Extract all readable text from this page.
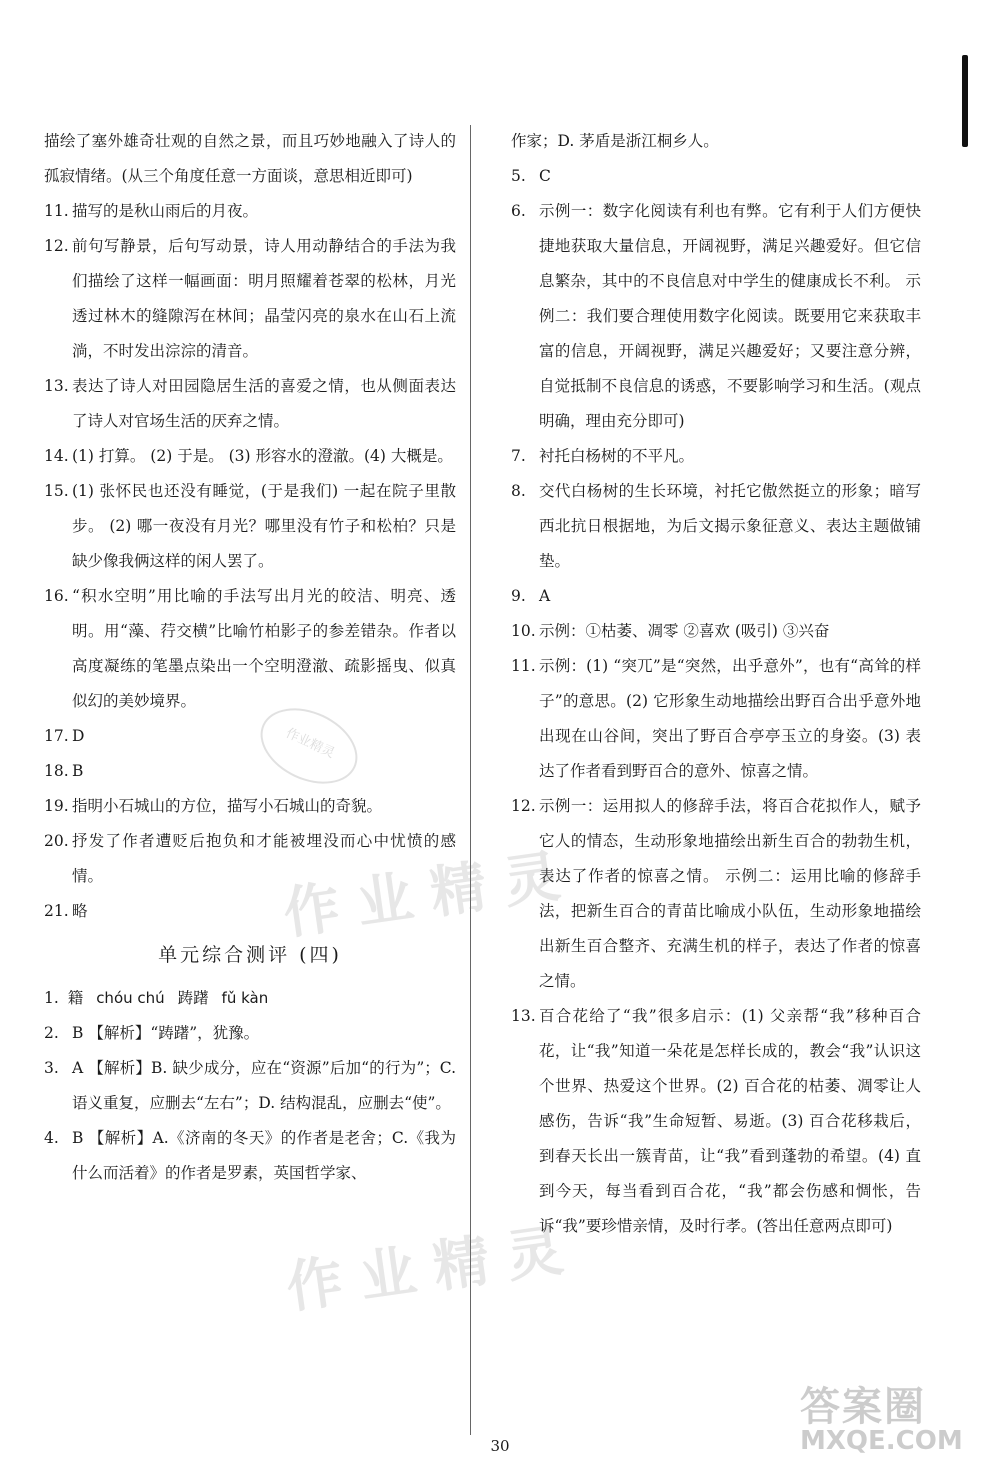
描绘了塞外雄奇壮观的自然之景，而且巧妙地融入了诗人的孤寂情绪。(从三个角度任意一方面谈，意思相近即可)

11. 描写的是秋山雨后的月夜。

12. 前句写静景，后句写动景，诗人用动静结合的手法为我们描绘了这样一幅画面：明月照耀着苍翠的松林，月光透过林木的缝隙泻在林间；晶莹闪亮的泉水在山石上流淌，不时发出淙淙的清音。

13. 表达了诗人对田园隐居生活的喜爱之情，也从侧面表达了诗人对官场生活的厌弃之情。

14. (1) 打算。 (2) 于是。 (3) 形容水的澄澈。(4) 大概是。

15. (1) 张怀民也还没有睡觉，(于是我们) 一起在院子里散步。 (2) 哪一夜没有月光？哪里没有竹子和松柏？只是缺少像我俩这样的闲人罢了。

16. “积水空明”用比喻的手法写出月光的皎洁、明亮、透明。用“藻、荇交横”比喻竹柏影子的参差错杂。作者以高度凝练的笔墨点染出一个空明澄澈、疏影摇曳、似真似幻的美妙境界。

17. D

18. B

19. 指明小石城山的方位，描写小石城山的奇貌。

20. 抒发了作者遭贬后抱负和才能被埋没而心中忧愤的感情。

21. 略

单元综合测评 (四)

1. 籍 chóu chú 踌躇 fǔ kàn

2. B 【解析】“踌躇”，犹豫。

3. A 【解析】B. 缺少成分，应在“资源”后加“的行为”；C. 语义重复，应删去“左右”；D. 结构混乱，应删去“使”。

4. B 【解析】A.《济南的冬天》的作者是老舍；C.《我为什么而活着》的作者是罗素，英国哲学家、

作家；D. 茅盾是浙江桐乡人。

5. C

6. 示例一：数字化阅读有利也有弊。它有利于人们方便快捷地获取大量信息，开阔视野，满足兴趣爱好。但它信息繁杂，其中的不良信息对中学生的健康成长不利。 示例二：我们要合理使用数字化阅读。既要用它来获取丰富的信息，开阔视野，满足兴趣爱好；又要注意分辨，自觉抵制不良信息的诱惑，不要影响学习和生活。(观点明确，理由充分即可)

7. 衬托白杨树的不平凡。

8. 交代白杨树的生长环境，衬托它傲然挺立的形象；暗写西北抗日根据地，为后文揭示象征意义、表达主题做铺垫。

9. A

10. 示例：①枯萎、凋零 ②喜欢 (吸引) ③兴奋

11. 示例：(1) “突兀”是“突然，出乎意外”，也有“高耸的样子”的意思。(2) 它形象生动地描绘出野百合出乎意外地出现在山谷间，突出了野百合亭亭玉立的身姿。(3) 表达了作者看到野百合的意外、惊喜之情。

12. 示例一：运用拟人的修辞手法，将百合花拟作人，赋予它人的情态，生动形象地描绘出新生百合的勃勃生机，表达了作者的惊喜之情。 示例二：运用比喻的修辞手法，把新生百合的青苗比喻成小队伍，生动形象地描绘出新生百合整齐、充满生机的样子，表达了作者的惊喜之情。

13. 百合花给了“我”很多启示：(1) 父亲帮“我”移种百合花，让“我”知道一朵花是怎样长成的，教会“我”认识这个世界、热爱这个世界。(2) 百合花的枯萎、凋零让人感伤，告诉“我”生命短暂、易逝。(3) 百合花移栽后，到春天长出一簇青苗，让“我”看到蓬勃的希望。(4) 直到今天，每当看到百合花，“我”都会伤感和惆怅，告诉“我”要珍惜亲情，及时行孝。(答出任意两点即可)

作业精灵
作业精灵
作业精灵
答案圈
MXQE.COM
30
